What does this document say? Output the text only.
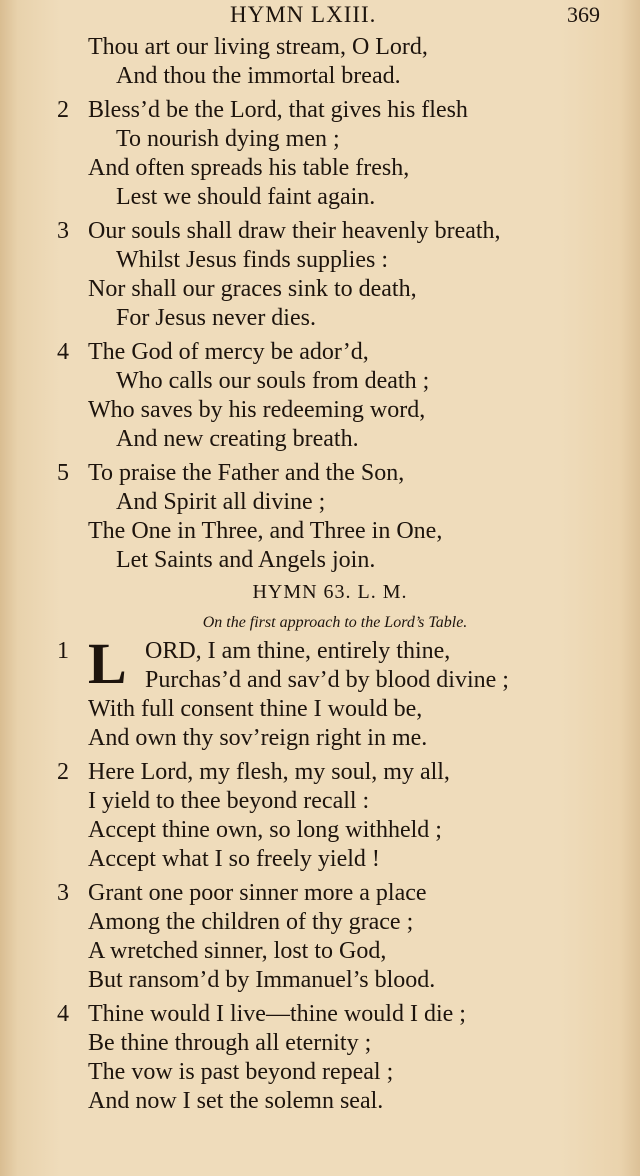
HYMN LXIII.	369
Thou art our living stream, O Lord,
And thou the immortal bread.
2 Bless’d be the Lord, that gives his flesh
To nourish dying men ;
And often spreads his table fresh,
Lest we should faint again.
3 Our souls shall draw their heavenly breath,
Whilst Jesus finds supplies :
Nor shall our graces sink to death,
For Jesus never dies.
4 The God of mercy be ador’d,
Who calls our souls from death ;
Who saves by his redeeming word,
And new creating breath.
5 To praise the Father and the Son,
And Spirit all divine ;
The One in Three, and Three in One,
Let Saints and Angels join.
HYMN 63. L. M.
On the first approach to the Lord’s Table.
1 L ORD, I am thine, entirely thine,
Purchas’d and sav’d by blood divine ;
With full consent thine I would be,
And own thy sov’reign right in me.
2 Here Lord, my flesh, my soul, my all,
I yield to thee beyond recall :
Accept thine own, so long withheld ;
Accept what I so freely yield !
3 Grant one poor sinner more a place
Among the children of thy grace ;
A wretched sinner, lost to God,
But ransom’d by Immanuel’s blood.
4 Thine would I live—thine would I die ;
Be thine through all eternity ;
The vow is past beyond repeal ;
And now I set the solemn seal.
